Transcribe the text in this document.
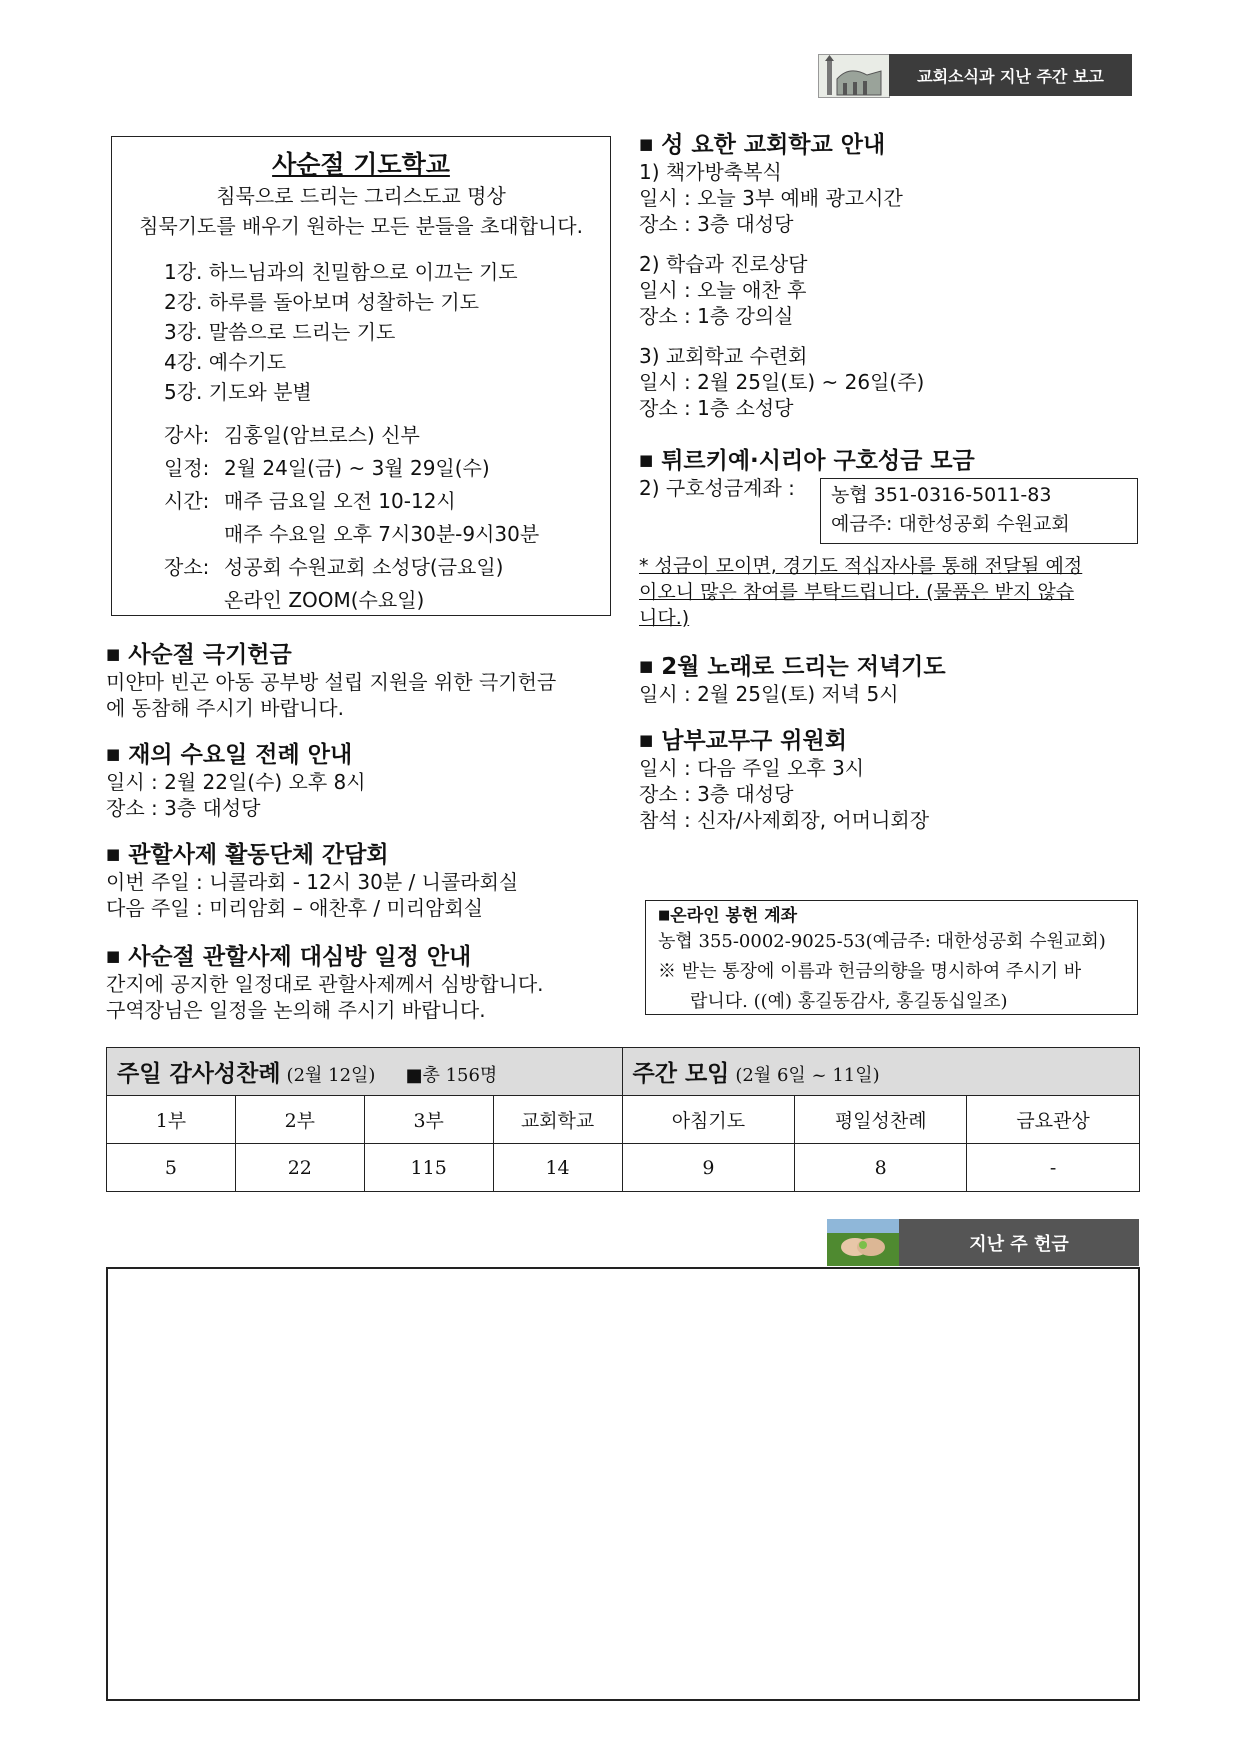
교회소식과 지난 주간 보고
사순절 기도학교
침묵으로 드리는 그리스도교 명상
침묵기도를 배우기 원하는 모든 분들을 초대합니다.
1강. 하느님과의 친밀함으로 이끄는 기도
2강. 하루를 돌아보며 성찰하는 기도
3강. 말씀으로 드리는 기도
4강. 예수기도
5강. 기도와 분별
강사: 김홍일(암브로스) 신부
일정: 2월 24일(금) ~ 3월 29일(수)
시간: 매주 금요일 오전 10-12시
매주 수요일 오후 7시30분-9시30분
장소: 성공회 수원교회 소성당(금요일)
온라인 ZOOM(수요일)
■ 사순절 극기헌금
미얀마 빈곤 아동 공부방 설립 지원을 위한 극기헌금
에 동참해 주시기 바랍니다.
■ 재의 수요일 전례 안내
일시 : 2월 22일(수) 오후 8시
장소 : 3층 대성당
■ 관할사제 활동단체 간담회
이번 주일 : 니콜라회 - 12시 30분 / 니콜라회실
다음 주일 : 미리암회 – 애찬후 / 미리암회실
■ 사순절 관할사제 대심방 일정 안내
간지에 공지한 일정대로 관할사제께서 심방합니다.
구역장님은 일정을 논의해 주시기 바랍니다.
■ 성 요한 교회학교 안내
1) 책가방축복식
일시 : 오늘 3부 예배 광고시간
장소 : 3층 대성당
2) 학습과 진로상담
일시 : 오늘 애찬 후
장소 : 1층 강의실
3) 교회학교 수련회
일시 : 2월 25일(토) ~ 26일(주)
장소 : 1층 소성당
■ 튀르키예·시리아 구호성금 모금
2) 구호성금계좌 :	농협 351-0316-5011-83
예금주: 대한성공회 수원교회
* 성금이 모이면, 경기도 적십자사를 통해 전달될 예정
이오니 많은 참여를 부탁드립니다. (물품은 받지 않습
니다.)
■ 2월 노래로 드리는 저녁기도
일시 : 2월 25일(토) 저녁 5시
■ 남부교무구 위원회
일시 : 다음 주일 오후 3시
장소 : 3층 대성당
참석 : 신자/사제회장, 어머니회장
■온라인 봉헌 계좌
농협 355-0002-9025-53(예금주: 대한성공회 수원교회)
※ 받는 통장에 이름과 헌금의향을 명시하여 주시기 바
랍니다. ((예) 홍길동감사, 홍길동십일조)
주일 감사성찬례 (2월 12일) ■총 156명				주간 모임 (2월 6일 ~ 11일)		
1부	2부	3부	교회학교	아침기도	평일성찬례	금요관상
5	22	115	14	9	8	-
지난 주 헌금
